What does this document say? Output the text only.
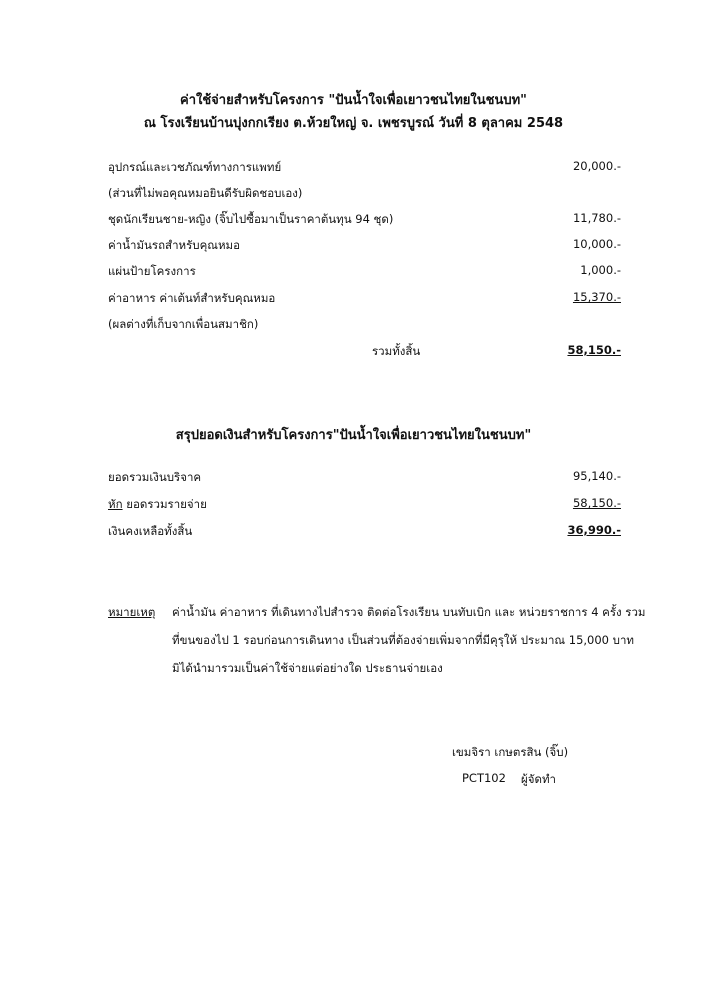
ค่าใช้จ่ายสำหรับโครงการ "ปันน้ำใจเพื่อเยาวชนไทยในชนบท"
ณ โรงเรียนบ้านบุ่งกกเรียง ต.ห้วยใหญ่ จ. เพชรบูรณ์ วันที่ 8 ตุลาคม 2548
อุปกรณ์และเวชภัณฑ์ทางการแพทย์	20,000.-
(ส่วนที่ไม่พอคุณหมอยินดีรับผิดชอบเอง)
ชุดนักเรียนชาย-หญิง (จิ๊บไปซื้อมาเป็นราคาต้นทุน 94 ชุด)	11,780.-
ค่าน้ำมันรถสำหรับคุณหมอ	10,000.-
แผ่นป้ายโครงการ	1,000.-
ค่าอาหาร ค่าเต้นท์สำหรับคุณหมอ	15,370.-
(ผลต่างที่เก็บจากเพื่อนสมาชิก)
รวมทั้งสิ้น	58,150.-
สรุปยอดเงินสำหรับโครงการ"ปันน้ำใจเพื่อเยาวชนไทยในชนบท"
ยอดรวมเงินบริจาค	95,140.-
หัก ยอดรวมรายจ่าย	58,150.-
เงินคงเหลือทั้งสิ้น	36,990.-
หมายเหตุ ค่าน้ำมัน ค่าอาหาร ที่เดินทางไปสำรวจ ติดต่อโรงเรียน บนทับเบิก และ หน่วยราชการ 4 ครั้ง รวม
ที่ขนของไป 1 รอบก่อนการเดินทาง เป็นส่วนที่ต้องจ่ายเพิ่มจากที่มีคุรุให้ ประมาณ 15,000 บาท
มิได้นำมารวมเป็นค่าใช้จ่ายแต่อย่างใด ประธานจ่ายเอง
เขมจิรา เกษตรสิน (จิ๊บ)
PCT102 ผู้จัดทำ
